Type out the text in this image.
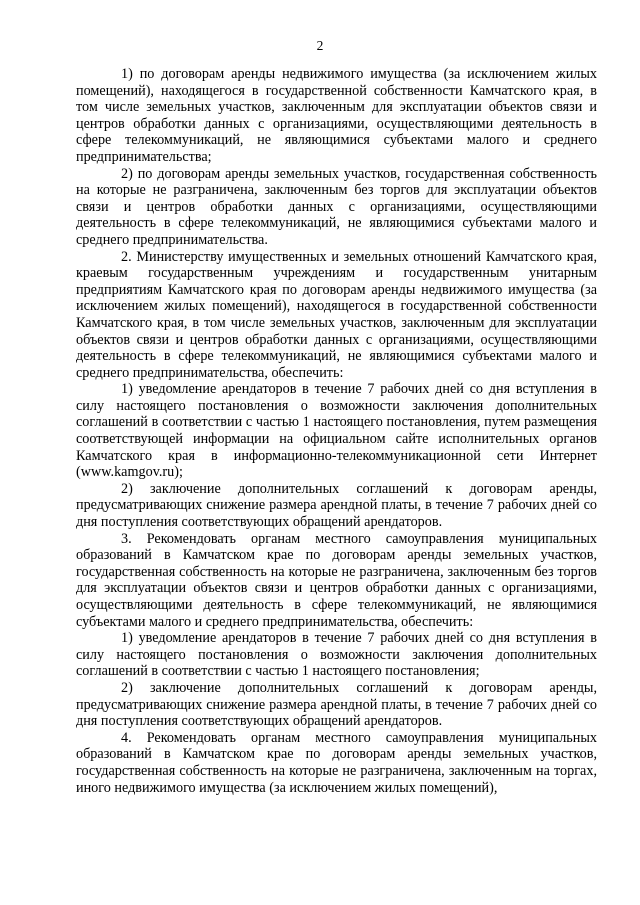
2

1) по договорам аренды недвижимого имущества (за исключением жилых помещений), находящегося в государственной собственности Камчатского края, в том числе земельных участков, заключенным для эксплуатации объектов связи и центров обработки данных с организациями, осуществляющими деятельность в сфере телекоммуникаций, не являющимися субъектами малого и среднего предпринимательства;

2) по договорам аренды земельных участков, государственная собственность на которые не разграничена, заключенным без торгов для эксплуатации объектов связи и центров обработки данных с организациями, осуществляющими деятельность в сфере телекоммуникаций, не являющимися субъектами малого и среднего предпринимательства.

2. Министерству имущественных и земельных отношений Камчатского края, краевым государственным учреждениям и государственным унитарным предприятиям Камчатского края по договорам аренды недвижимого имущества (за исключением жилых помещений), находящегося в государственной собственности Камчатского края, в том числе земельных участков, заключенным для эксплуатации объектов связи и центров обработки данных с организациями, осуществляющими деятельность в сфере телекоммуникаций, не являющимися субъектами малого и среднего предпринимательства, обеспечить:

1) уведомление арендаторов в течение 7 рабочих дней со дня вступления в силу настоящего постановления о возможности заключения дополнительных соглашений в соответствии с частью 1 настоящего постановления, путем размещения соответствующей информации на официальном сайте исполнительных органов Камчатского края в информационно-телекоммуникационной сети Интернет (www.kamgov.ru);

2) заключение дополнительных соглашений к договорам аренды, предусматривающих снижение размера арендной платы, в течение 7 рабочих дней со дня поступления соответствующих обращений арендаторов.

3. Рекомендовать органам местного самоуправления муниципальных образований в Камчатском крае по договорам аренды земельных участков, государственная собственность на которые не разграничена, заключенным без торгов для эксплуатации объектов связи и центров обработки данных с организациями, осуществляющими деятельность в сфере телекоммуникаций, не являющимися субъектами малого и среднего предпринимательства, обеспечить:

1) уведомление арендаторов в течение 7 рабочих дней со дня вступления в силу настоящего постановления о возможности заключения дополнительных соглашений в соответствии с частью 1 настоящего постановления;

2) заключение дополнительных соглашений к договорам аренды, предусматривающих снижение размера арендной платы, в течение 7 рабочих дней со дня поступления соответствующих обращений арендаторов.

4. Рекомендовать органам местного самоуправления муниципальных образований в Камчатском крае по договорам аренды земельных участков, государственная собственность на которые не разграничена, заключенным на торгах, иного недвижимого имущества (за исключением жилых помещений),
